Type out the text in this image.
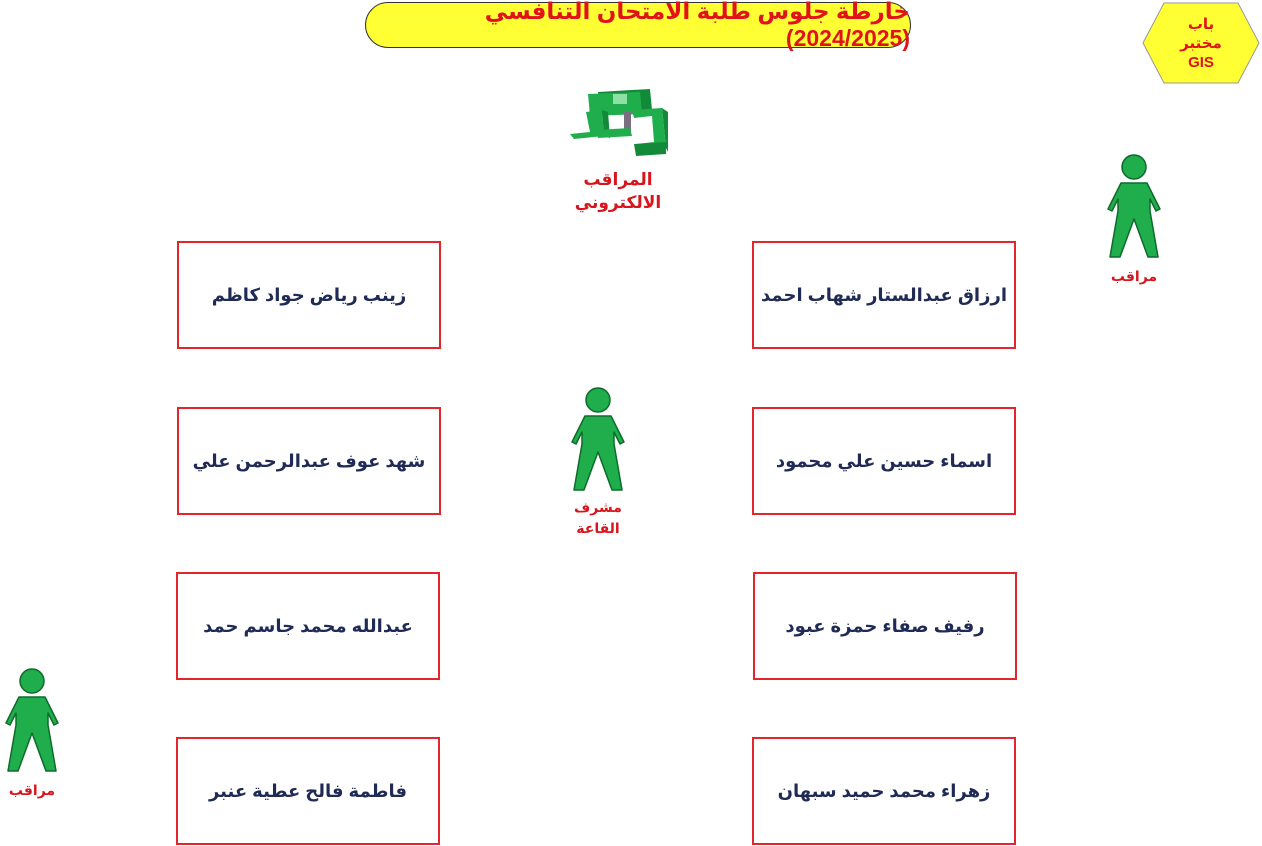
خارطة جلوس طلبة الامتحان التنافسي (2024/2025)
باب
مختبر
GIS
المراقب
الالكتروني
مراقب
مشرف
القاعة
مراقب
زينب رياض جواد كاظم
شهد عوف عبدالرحمن علي
عبدالله محمد جاسم حمد
فاطمة فالح عطية عنبر
ارزاق عبدالستار شهاب احمد
اسماء حسين علي محمود
رفيف صفاء حمزة عبود
زهراء محمد حميد سبهان
